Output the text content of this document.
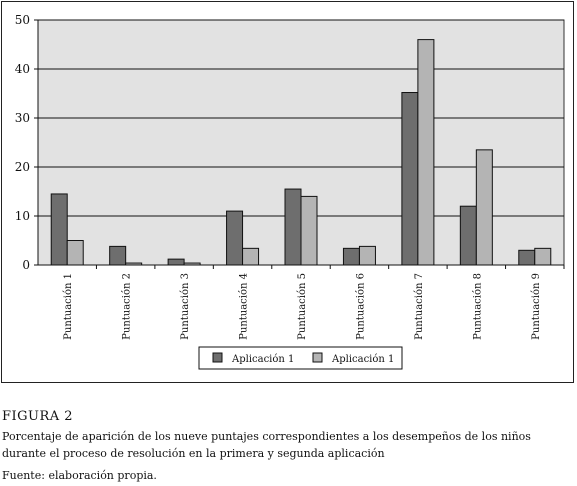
0
10
20
30
40
50
Puntuación 1	Puntuación 2	Puntuación 3	Puntuación 4	Puntuación 5	Puntuación 6	Puntuación 7	Puntuación 8	Puntuación 9
Aplicación 1	Aplicación 1
FIGURA 2
Porcentaje de aparición de los nueve puntajes correspondientes a los desempeños de los niños durante el proceso de resolución en la primera y segunda aplicación
Fuente: elaboración propia.
